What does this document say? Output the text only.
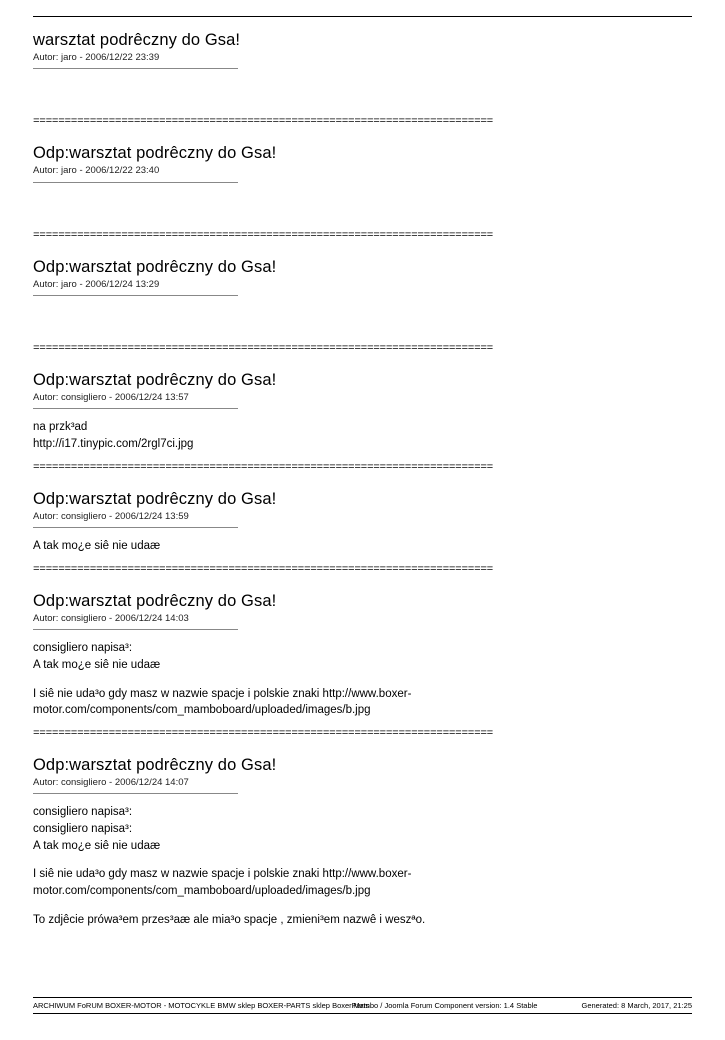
warsztat podrêczny do Gsa!
Autor: jaro - 2006/12/22 23:39
=========================================================================
Odp:warsztat podrêczny do Gsa!
Autor: jaro - 2006/12/22 23:40
=========================================================================
Odp:warsztat podrêczny do Gsa!
Autor: jaro - 2006/12/24 13:29
=========================================================================
Odp:warsztat podrêczny do Gsa!
Autor: consigliero - 2006/12/24 13:57

na przk³ad

http://i17.tinypic.com/2rgl7ci.jpg

=========================================================================
Odp:warsztat podrêczny do Gsa!
Autor: consigliero - 2006/12/24 13:59

A tak mo¿e siê nie udaæ

=========================================================================
Odp:warsztat podrêczny do Gsa!
Autor: consigliero - 2006/12/24 14:03

consigliero napisa³:

A tak mo¿e siê nie udaæ

I siê nie uda³o gdy masz w nazwie spacje i polskie znaki http://www.boxer-motor.com/components/com_mamboboard/uploaded/images/b.jpg

=========================================================================
Odp:warsztat podrêczny do Gsa!
Autor: consigliero - 2006/12/24 14:07

consigliero napisa³:

consigliero napisa³:

A tak mo¿e siê nie udaæ

I siê nie uda³o gdy masz w nazwie spacje i polskie znaki http://www.boxer-motor.com/components/com_mamboboard/uploaded/images/b.jpg

To zdjêcie prówa³em przes³aæ ale mia³o spacje , zmieni³em nazwê i weszªo.

ARCHIWUM FoRUM BOXER-MOTOR - MOTOCYKLE BMW sklep BOXER-PARTS sklep BoxerParts
Mambo / Joomla Forum Component version: 1.4 Stable	Generated: 8 March, 2017, 21:25
